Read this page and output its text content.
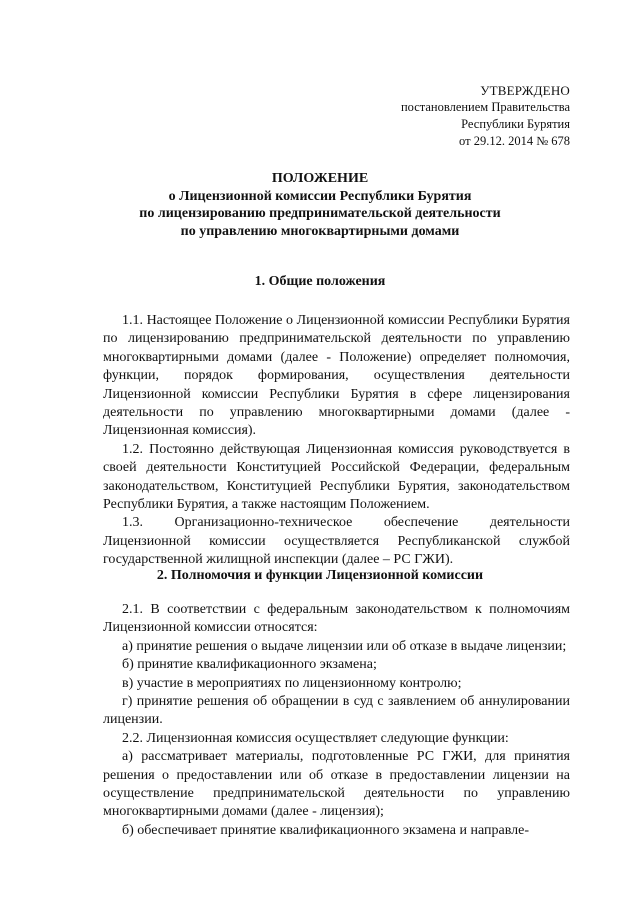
УТВЕРЖДЕНО
постановлением Правительства
Республики Бурятия
от 29.12. 2014 № 678
ПОЛОЖЕНИЕ
о Лицензионной комиссии Республики Бурятия
по лицензированию предпринимательской деятельности
по управлению многоквартирными домами
1. Общие положения

1.1. Настоящее Положение о Лицензионной комиссии Республики Бурятия по лицензированию предпринимательской деятельности по управлению многоквартирными домами (далее - Положение) определяет полномочия, функции, порядок формирования, осуществления деятельности Лицензионной комиссии Республики Бурятия в сфере лицензирования деятельности по управлению многоквартирными домами (далее - Лицензионная комиссия).

1.2. Постоянно действующая Лицензионная комиссия руководствуется в своей деятельности Конституцией Российской Федерации, федеральным законодательством, Конституцией Республики Бурятия, законодательством Республики Бурятия, а также настоящим Положением.

1.3. Организационно-техническое обеспечение деятельности Лицензионной комиссии осуществляется Республиканской службой государственной жилищной инспекции (далее – РС ГЖИ).

2. Полномочия и функции Лицензионной комиссии

2.1. В соответствии с федеральным законодательством к полномочиям Лицензионной комиссии относятся:

а) принятие решения о выдаче лицензии или об отказе в выдаче лицензии;

б) принятие квалификационного экзамена;

в) участие в мероприятиях по лицензионному контролю;

г) принятие решения об обращении в суд с заявлением об аннулировании лицензии.

2.2. Лицензионная комиссия осуществляет следующие функции:

а) рассматривает материалы, подготовленные РС ГЖИ, для принятия решения о предоставлении или об отказе в предоставлении лицензии на осуществление предпринимательской деятельности по управлению многоквартирными домами (далее - лицензия);

б) обеспечивает принятие квалификационного экзамена и направле-
